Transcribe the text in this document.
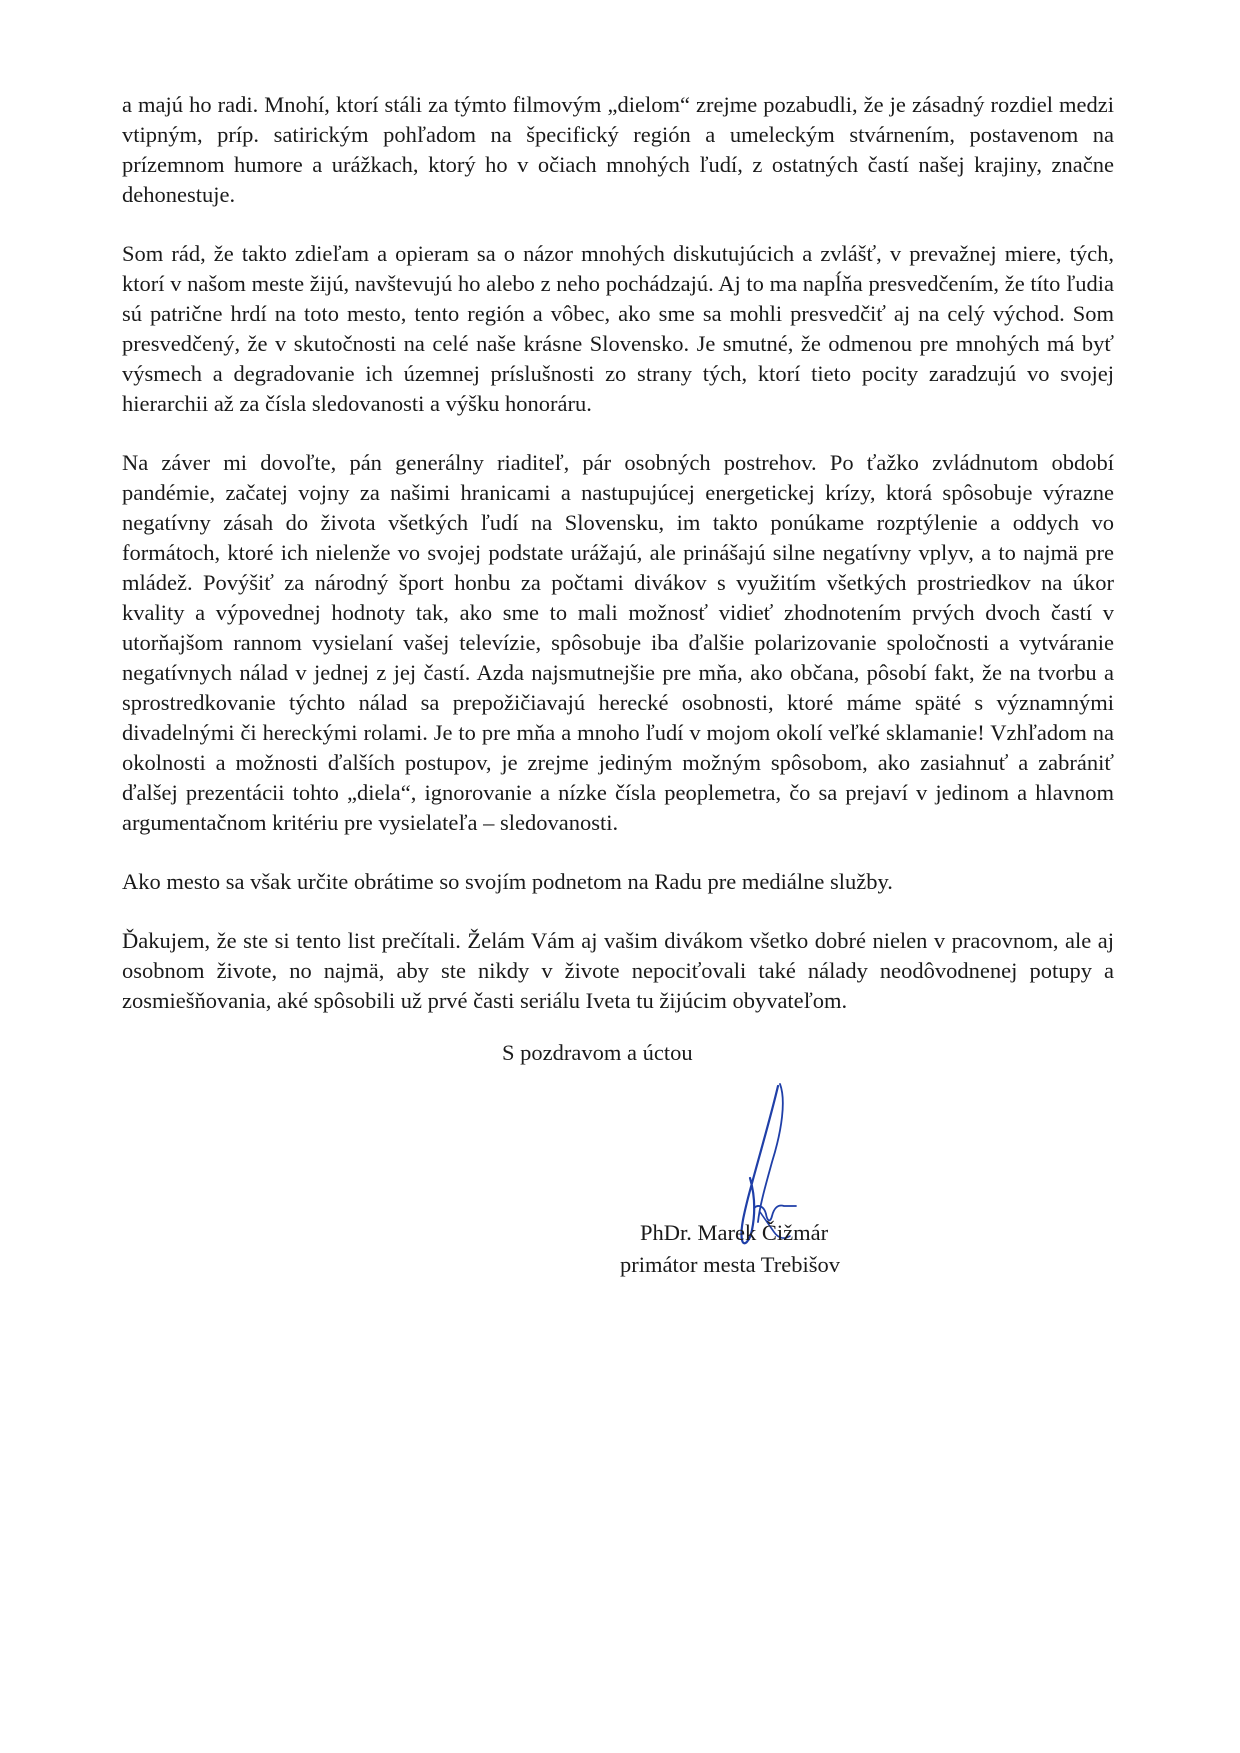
a majú ho radi. Mnohí, ktorí stáli za týmto filmovým „dielom“ zrejme pozabudli, že je zásadný rozdiel medzi vtipným, príp. satirickým pohľadom na špecifický región a umeleckým stvárnením, postavenom na prízemnom humore a urážkach, ktorý ho v očiach mnohých ľudí, z ostatných častí našej krajiny, značne dehonestuje.

Som rád, že takto zdieľam a opieram sa o názor mnohých diskutujúcich a zvlášť, v prevažnej miere, tých, ktorí v našom meste žijú, navštevujú ho alebo z neho pochádzajú. Aj to ma napĺňa presvedčením, že títo ľudia sú patrične hrdí na toto mesto, tento región a vôbec, ako sme sa mohli presvedčiť aj na celý východ. Som presvedčený, že v skutočnosti na celé naše krásne Slovensko. Je smutné, že odmenou pre mnohých má byť výsmech a degradovanie ich územnej príslušnosti zo strany tých, ktorí tieto pocity zaradzujú vo svojej hierarchii až za čísla sledovanosti a výšku honoráru.

Na záver mi dovoľte, pán generálny riaditeľ, pár osobných postrehov. Po ťažko zvládnutom období pandémie, začatej vojny za našimi hranicami a nastupujúcej energetickej krízy, ktorá spôsobuje výrazne negatívny zásah do života všetkých ľudí na Slovensku, im takto ponúkame rozptýlenie a oddych vo formátoch, ktoré ich nielenže vo svojej podstate urážajú, ale prinášajú silne negatívny vplyv, a to najmä pre mládež. Povýšiť za národný šport honbu za počtami divákov s využitím všetkých prostriedkov na úkor kvality a výpovednej hodnoty tak, ako sme to mali možnosť vidieť zhodnotením prvých dvoch častí v utorňajšom rannom vysielaní vašej televízie, spôsobuje iba ďalšie polarizovanie spoločnosti a vytváranie negatívnych nálad v jednej z jej častí. Azda najsmutnejšie pre mňa, ako občana, pôsobí fakt, že na tvorbu a sprostredkovanie týchto nálad sa prepožičiavajú herecké osobnosti, ktoré máme späté s významnými divadelnými či hereckými rolami. Je to pre mňa a mnoho ľudí v mojom okolí veľké sklamanie! Vzhľadom na okolnosti a možnosti ďalších postupov, je zrejme jediným možným spôsobom, ako zasiahnuť a zabrániť ďalšej prezentácii tohto „diela“, ignorovanie a nízke čísla peoplemetra, čo sa prejaví v jedinom a hlavnom argumentačnom kritériu pre vysielateľa – sledovanosti.

Ako mesto sa však určite obrátime so svojím podnetom na Radu pre mediálne služby.

Ďakujem, že ste si tento list prečítali. Želám Vám aj vašim divákom všetko dobré nielen v pracovnom, ale aj osobnom živote, no najmä, aby ste nikdy v živote nepociťovali také nálady neodôvodnenej potupy a zosmiešňovania, aké spôsobili už prvé časti seriálu Iveta tu žijúcim obyvateľom.

S pozdravom a úctou
PhDr. Marek Čižmár
primátor mesta Trebišov
